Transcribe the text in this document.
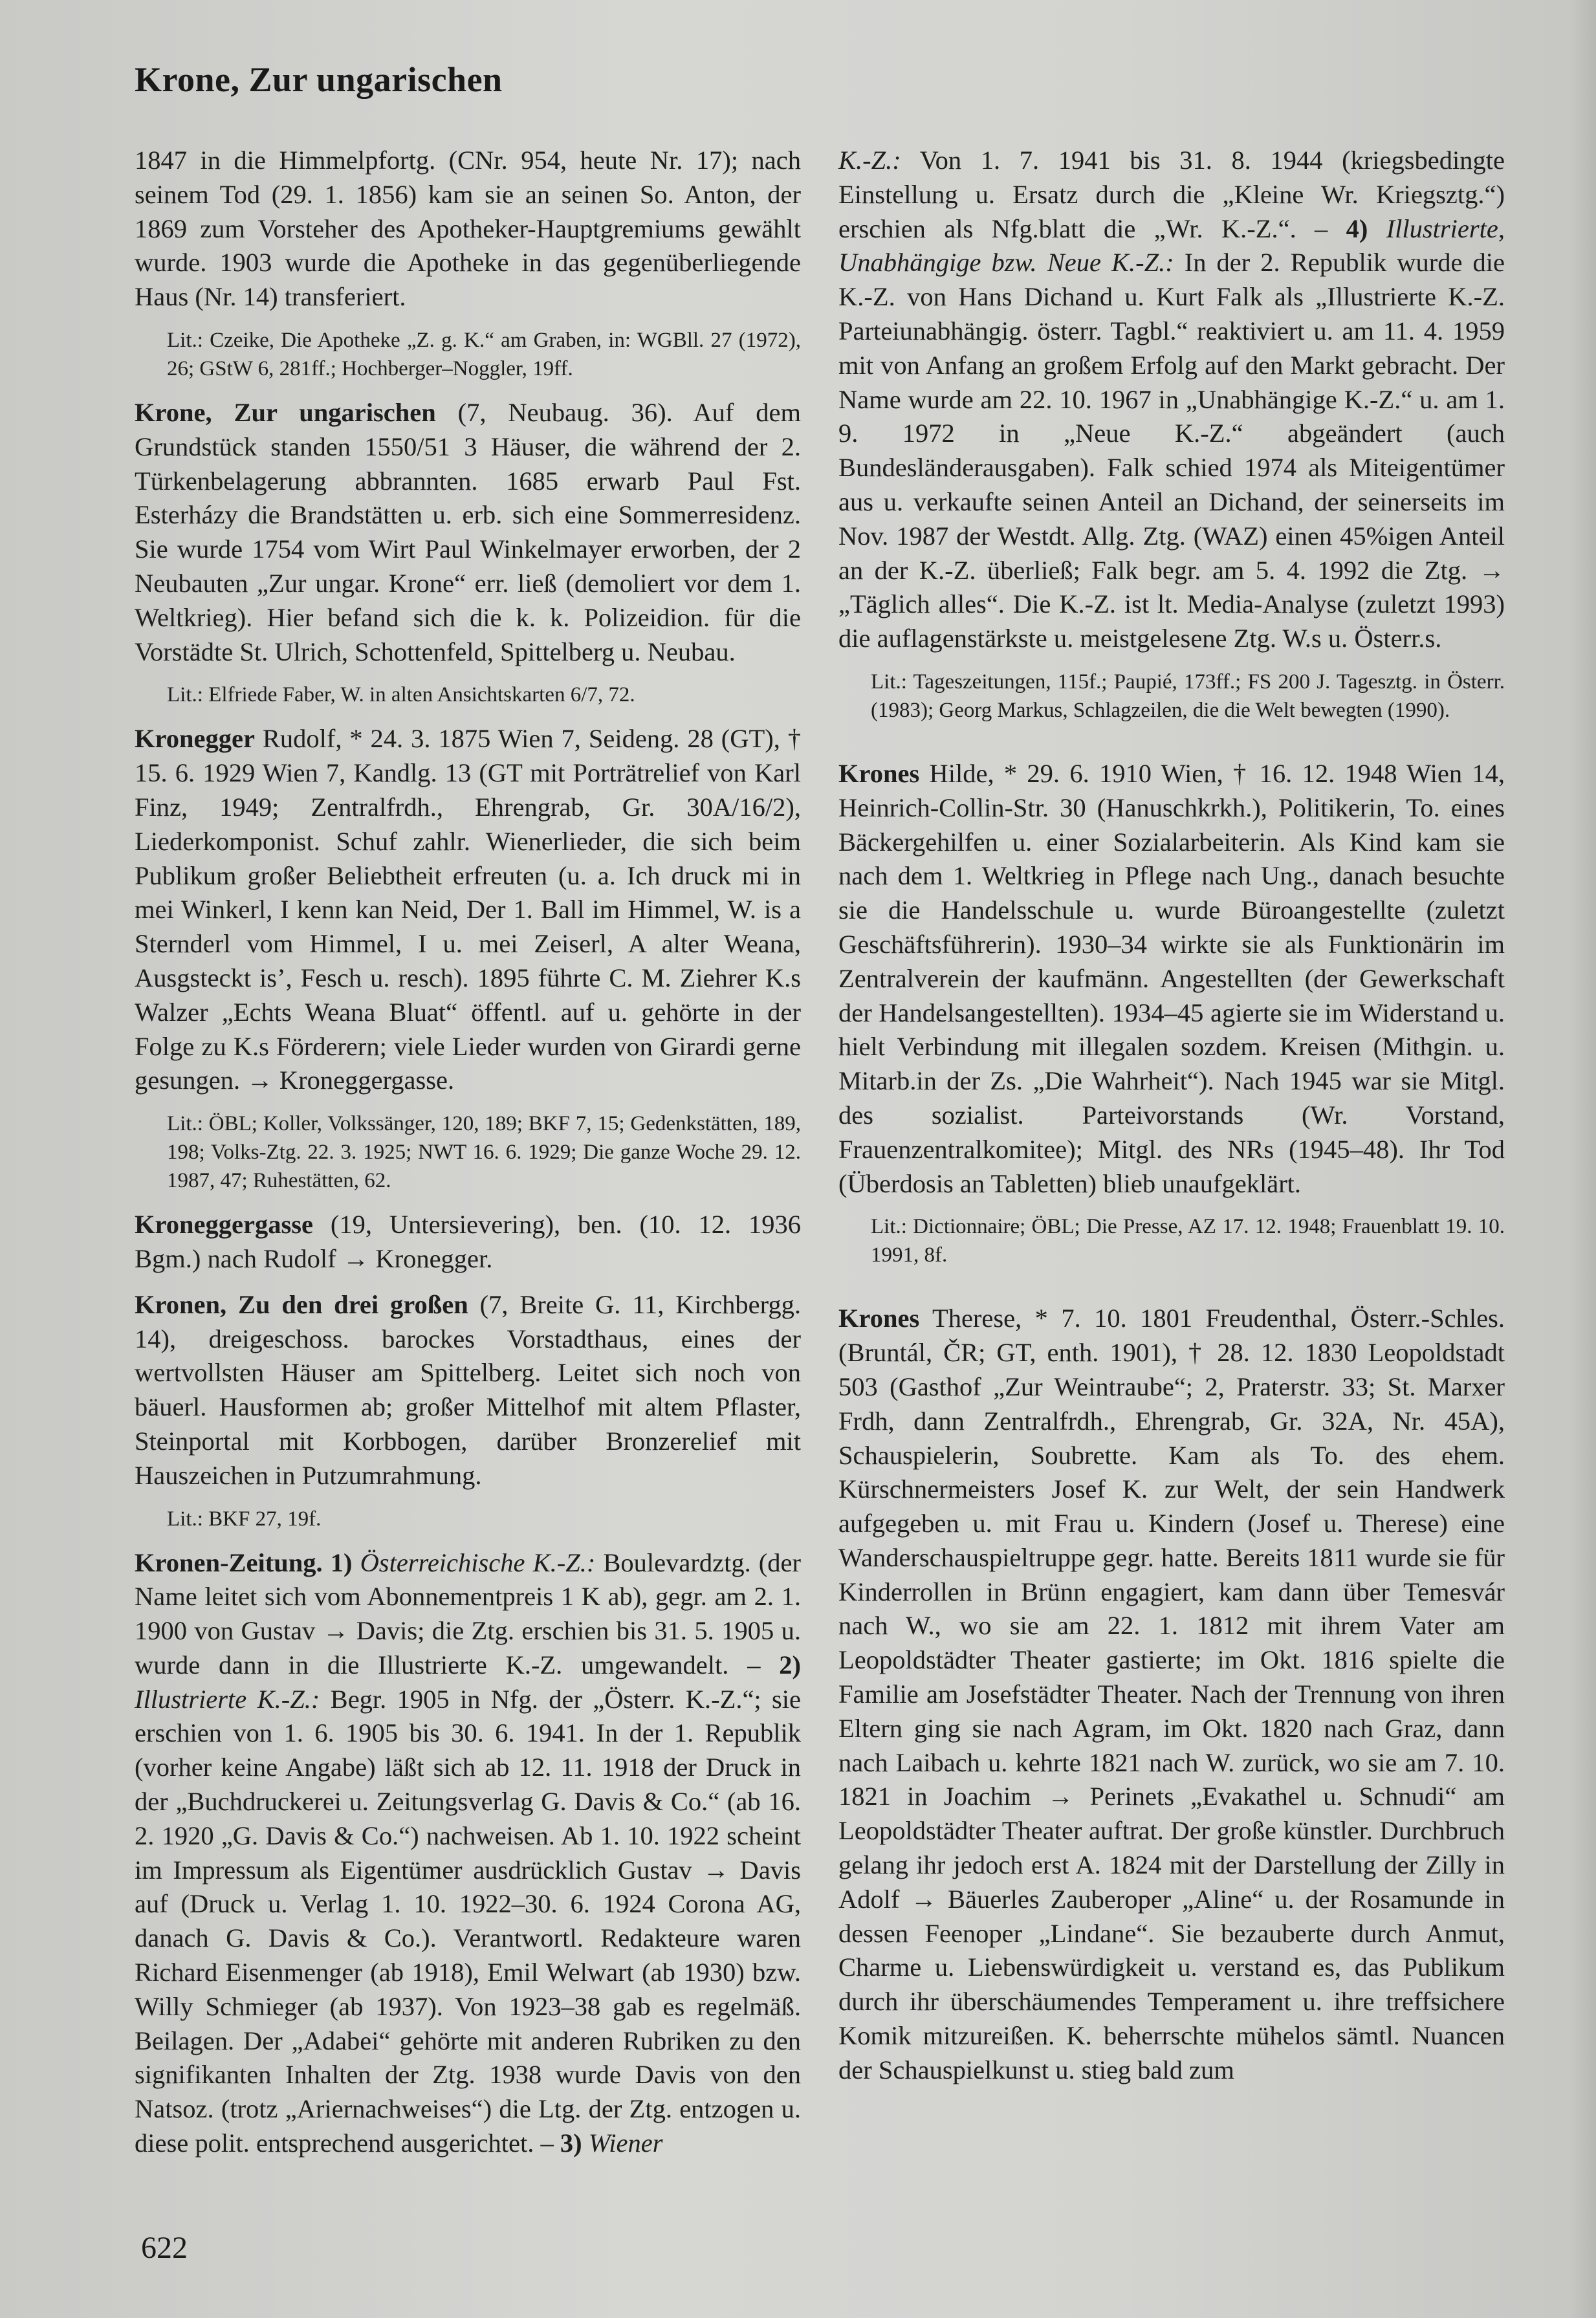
Krone, Zur ungarischen

1847 in die Himmelpfortg. (CNr. 954, heute Nr. 17); nach seinem Tod (29. 1. 1856) kam sie an seinen So. Anton, der 1869 zum Vorsteher des Apotheker-Hauptgremiums gewählt wurde. 1903 wurde die Apotheke in das gegenüberliegende Haus (Nr. 14) transferiert.

Lit.: Czeike, Die Apotheke „Z. g. K.“ am Graben, in: WGBll. 27 (1972), 26; GStW 6, 281ff.; Hochberger–Noggler, 19ff.

Krone, Zur ungarischen (7, Neubaug. 36). Auf dem Grundstück standen 1550/51 3 Häuser, die während der 2. Türkenbelagerung abbrannten. 1685 erwarb Paul Fst. Esterházy die Brandstätten u. erb. sich eine Sommerresidenz. Sie wurde 1754 vom Wirt Paul Winkelmayer erworben, der 2 Neubauten „Zur ungar. Krone“ err. ließ (demoliert vor dem 1. Weltkrieg). Hier befand sich die k. k. Polizeidion. für die Vorstädte St. Ulrich, Schottenfeld, Spittelberg u. Neubau.

Lit.: Elfriede Faber, W. in alten Ansichtskarten 6/7, 72.

Kronegger Rudolf, * 24. 3. 1875 Wien 7, Seideng. 28 (GT), † 15. 6. 1929 Wien 7, Kandlg. 13 (GT mit Porträtrelief von Karl Finz, 1949; Zentralfrdh., Ehrengrab, Gr. 30A/16/2), Liederkomponist. Schuf zahlr. Wienerlieder, die sich beim Publikum großer Beliebtheit erfreuten (u. a. Ich druck mi in mei Winkerl, I kenn kan Neid, Der 1. Ball im Himmel, W. is a Sternderl vom Himmel, I u. mei Zeiserl, A alter Weana, Ausgsteckt is’, Fesch u. resch). 1895 führte C. M. Ziehrer K.s Walzer „Echts Weana Bluat“ öffentl. auf u. gehörte in der Folge zu K.s Förderern; viele Lieder wurden von Girardi gerne gesungen. → Kroneggergasse.

Lit.: ÖBL; Koller, Volkssänger, 120, 189; BKF 7, 15; Gedenkstätten, 189, 198; Volks-Ztg. 22. 3. 1925; NWT 16. 6. 1929; Die ganze Woche 29. 12. 1987, 47; Ruhestätten, 62.

Kroneggergasse (19, Untersievering), ben. (10. 12. 1936 Bgm.) nach Rudolf → Kronegger.

Kronen, Zu den drei großen (7, Breite G. 11, Kirchbergg. 14), dreigeschoss. barockes Vorstadthaus, eines der wertvollsten Häuser am Spittelberg. Leitet sich noch von bäuerl. Hausformen ab; großer Mittelhof mit altem Pflaster, Steinportal mit Korbbogen, darüber Bronzerelief mit Hauszeichen in Putzumrahmung.

Lit.: BKF 27, 19f.

Kronen-Zeitung. 1) Österreichische K.-Z.: Boulevardztg. (der Name leitet sich vom Abonnementpreis 1 K ab), gegr. am 2. 1. 1900 von Gustav → Davis; die Ztg. erschien bis 31. 5. 1905 u. wurde dann in die Illustrierte K.-Z. umgewandelt. – 2) Illustrierte K.-Z.: Begr. 1905 in Nfg. der „Österr. K.-Z.“; sie erschien von 1. 6. 1905 bis 30. 6. 1941. In der 1. Republik (vorher keine Angabe) läßt sich ab 12. 11. 1918 der Druck in der „Buchdruckerei u. Zeitungsverlag G. Davis & Co.“ (ab 16. 2. 1920 „G. Davis & Co.“) nachweisen. Ab 1. 10. 1922 scheint im Impressum als Eigentümer ausdrücklich Gustav → Davis auf (Druck u. Verlag 1. 10. 1922–30. 6. 1924 Corona AG, danach G. Davis & Co.). Verantwortl. Redakteure waren Richard Eisenmenger (ab 1918), Emil Welwart (ab 1930) bzw. Willy Schmieger (ab 1937). Von 1923–38 gab es regelmäß. Beilagen. Der „Adabei“ gehörte mit anderen Rubriken zu den signifikanten Inhalten der Ztg. 1938 wurde Davis von den Natsoz. (trotz „Ariernachweises“) die Ltg. der Ztg. entzogen u. diese polit. entsprechend ausgerichtet. – 3) Wiener

K.-Z.: Von 1. 7. 1941 bis 31. 8. 1944 (kriegsbedingte Einstellung u. Ersatz durch die „Kleine Wr. Kriegsztg.“) erschien als Nfg.blatt die „Wr. K.-Z.“. – 4) Illustrierte, Unabhängige bzw. Neue K.-Z.: In der 2. Republik wurde die K.-Z. von Hans Dichand u. Kurt Falk als „Illustrierte K.-Z. Parteiunabhängig. österr. Tagbl.“ reaktiviert u. am 11. 4. 1959 mit von Anfang an großem Erfolg auf den Markt gebracht. Der Name wurde am 22. 10. 1967 in „Unabhängige K.-Z.“ u. am 1. 9. 1972 in „Neue K.-Z.“ abgeändert (auch Bundesländerausgaben). Falk schied 1974 als Miteigentümer aus u. verkaufte seinen Anteil an Dichand, der seinerseits im Nov. 1987 der Westdt. Allg. Ztg. (WAZ) einen 45%igen Anteil an der K.-Z. überließ; Falk begr. am 5. 4. 1992 die Ztg. → „Täglich alles“. Die K.-Z. ist lt. Media-Analyse (zuletzt 1993) die auflagenstärkste u. meistgelesene Ztg. W.s u. Österr.s.

Lit.: Tageszeitungen, 115f.; Paupié, 173ff.; FS 200 J. Tagesztg. in Österr. (1983); Georg Markus, Schlagzeilen, die die Welt bewegten (1990).

Krones Hilde, * 29. 6. 1910 Wien, † 16. 12. 1948 Wien 14, Heinrich-Collin-Str. 30 (Hanuschkrkh.), Politikerin, To. eines Bäckergehilfen u. einer Sozialarbeiterin. Als Kind kam sie nach dem 1. Weltkrieg in Pflege nach Ung., danach besuchte sie die Handelsschule u. wurde Büroangestellte (zuletzt Geschäftsführerin). 1930–34 wirkte sie als Funktionärin im Zentralverein der kaufmänn. Angestellten (der Gewerkschaft der Handelsangestellten). 1934–45 agierte sie im Widerstand u. hielt Verbindung mit illegalen sozdem. Kreisen (Mithgin. u. Mitarb.in der Zs. „Die Wahrheit“). Nach 1945 war sie Mitgl. des sozialist. Parteivorstands (Wr. Vorstand, Frauenzentralkomitee); Mitgl. des NRs (1945–48). Ihr Tod (Überdosis an Tabletten) blieb unaufgeklärt.

Lit.: Dictionnaire; ÖBL; Die Presse, AZ 17. 12. 1948; Frauenblatt 19. 10. 1991, 8f.

Krones Therese, * 7. 10. 1801 Freudenthal, Österr.-Schles. (Bruntál, ČR; GT, enth. 1901), † 28. 12. 1830 Leopoldstadt 503 (Gasthof „Zur Weintraube“; 2, Praterstr. 33; St. Marxer Frdh, dann Zentralfrdh., Ehrengrab, Gr. 32A, Nr. 45A), Schauspielerin, Soubrette. Kam als To. des ehem. Kürschnermeisters Josef K. zur Welt, der sein Handwerk aufgegeben u. mit Frau u. Kindern (Josef u. Therese) eine Wanderschauspieltruppe gegr. hatte. Bereits 1811 wurde sie für Kinderrollen in Brünn engagiert, kam dann über Temesvár nach W., wo sie am 22. 1. 1812 mit ihrem Vater am Leopoldstädter Theater gastierte; im Okt. 1816 spielte die Familie am Josefstädter Theater. Nach der Trennung von ihren Eltern ging sie nach Agram, im Okt. 1820 nach Graz, dann nach Laibach u. kehrte 1821 nach W. zurück, wo sie am 7. 10. 1821 in Joachim → Perinets „Evakathel u. Schnudi“ am Leopoldstädter Theater auftrat. Der große künstler. Durchbruch gelang ihr jedoch erst A. 1824 mit der Darstellung der Zilly in Adolf → Bäuerles Zauberoper „Aline“ u. der Rosamunde in dessen Feenoper „Lindane“. Sie bezauberte durch Anmut, Charme u. Liebenswürdigkeit u. verstand es, das Publikum durch ihr überschäumendes Temperament u. ihre treffsichere Komik mitzureißen. K. beherrschte mühelos sämtl. Nuancen der Schauspielkunst u. stieg bald zum

622
